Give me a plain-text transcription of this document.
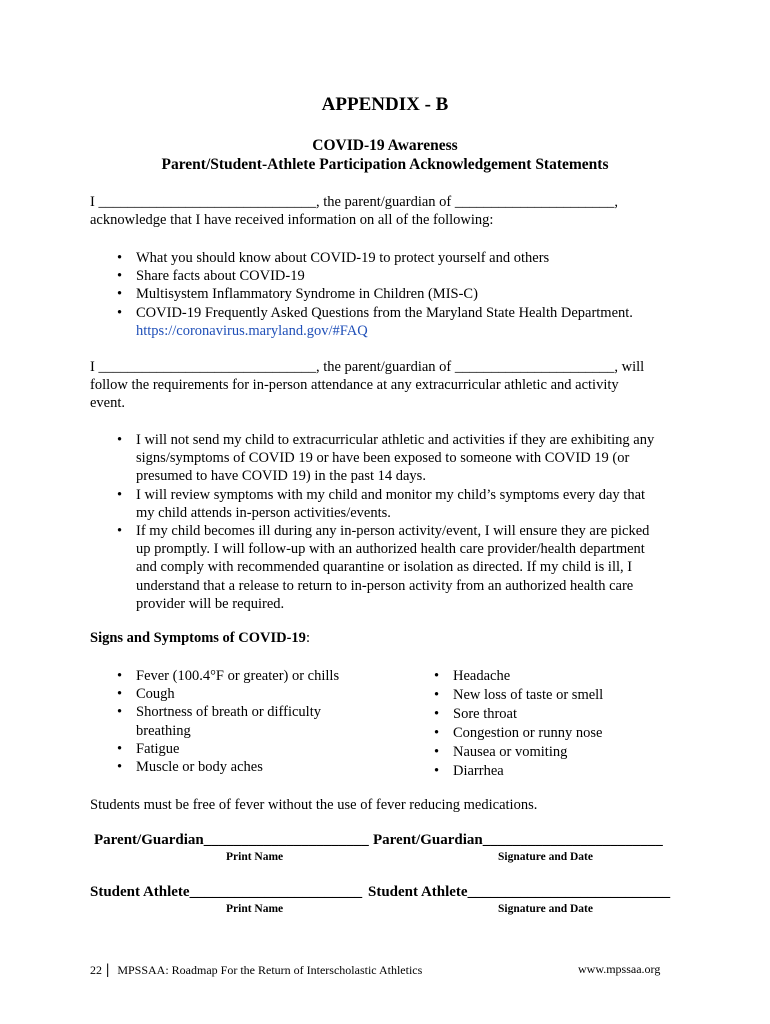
APPENDIX - B
COVID-19 Awareness
Parent/Student-Athlete Participation Acknowledgement Statements
I ______________________________, the parent/guardian of ______________________,
acknowledge that I have received information on all of the following:
• What you should know about COVID-19 to protect yourself and others
• Share facts about COVID-19
• Multisystem Inflammatory Syndrome in Children (MIS-C)
• COVID-19 Frequently Asked Questions from the Maryland State Health Department.
https://coronavirus.maryland.gov/#FAQ
I ______________________________, the parent/guardian of ______________________, will
follow the requirements for in-person attendance at any extracurricular athletic and activity
event.
• I will not send my child to extracurricular athletic and activities if they are exhibiting any
signs/symptoms of COVID 19 or have been exposed to someone with COVID 19 (or
presumed to have COVID 19) in the past 14 days.
• I will review symptoms with my child and monitor my child’s symptoms every day that
my child attends in-person activities/events.
• If my child becomes ill during any in-person activity/event, I will ensure they are picked
up promptly. I will follow-up with an authorized health care provider/health department
and comply with recommended quarantine or isolation as directed. If my child is ill, I
understand that a release to return to in-person activity from an authorized health care
provider will be required.
Signs and Symptoms of COVID-19:
• Fever (100.4°F or greater) or chills
• Cough
• Shortness of breath or difficulty
breathing
• Fatigue
• Muscle or body aches
• Headache
• New loss of taste or smell
• Sore throat
• Congestion or runny nose
• Nausea or vomiting
• Diarrhea
Students must be free of fever without the use of fever reducing medications.
Parent/Guardian______________________ Parent/Guardian________________________
Print Name	Signature and Date
Student Athlete_______________________ Student Athlete___________________________
Print Name	Signature and Date
22 | MPSSAA: Roadmap For the Return of Interscholastic Athletics	www.mpssaa.org
